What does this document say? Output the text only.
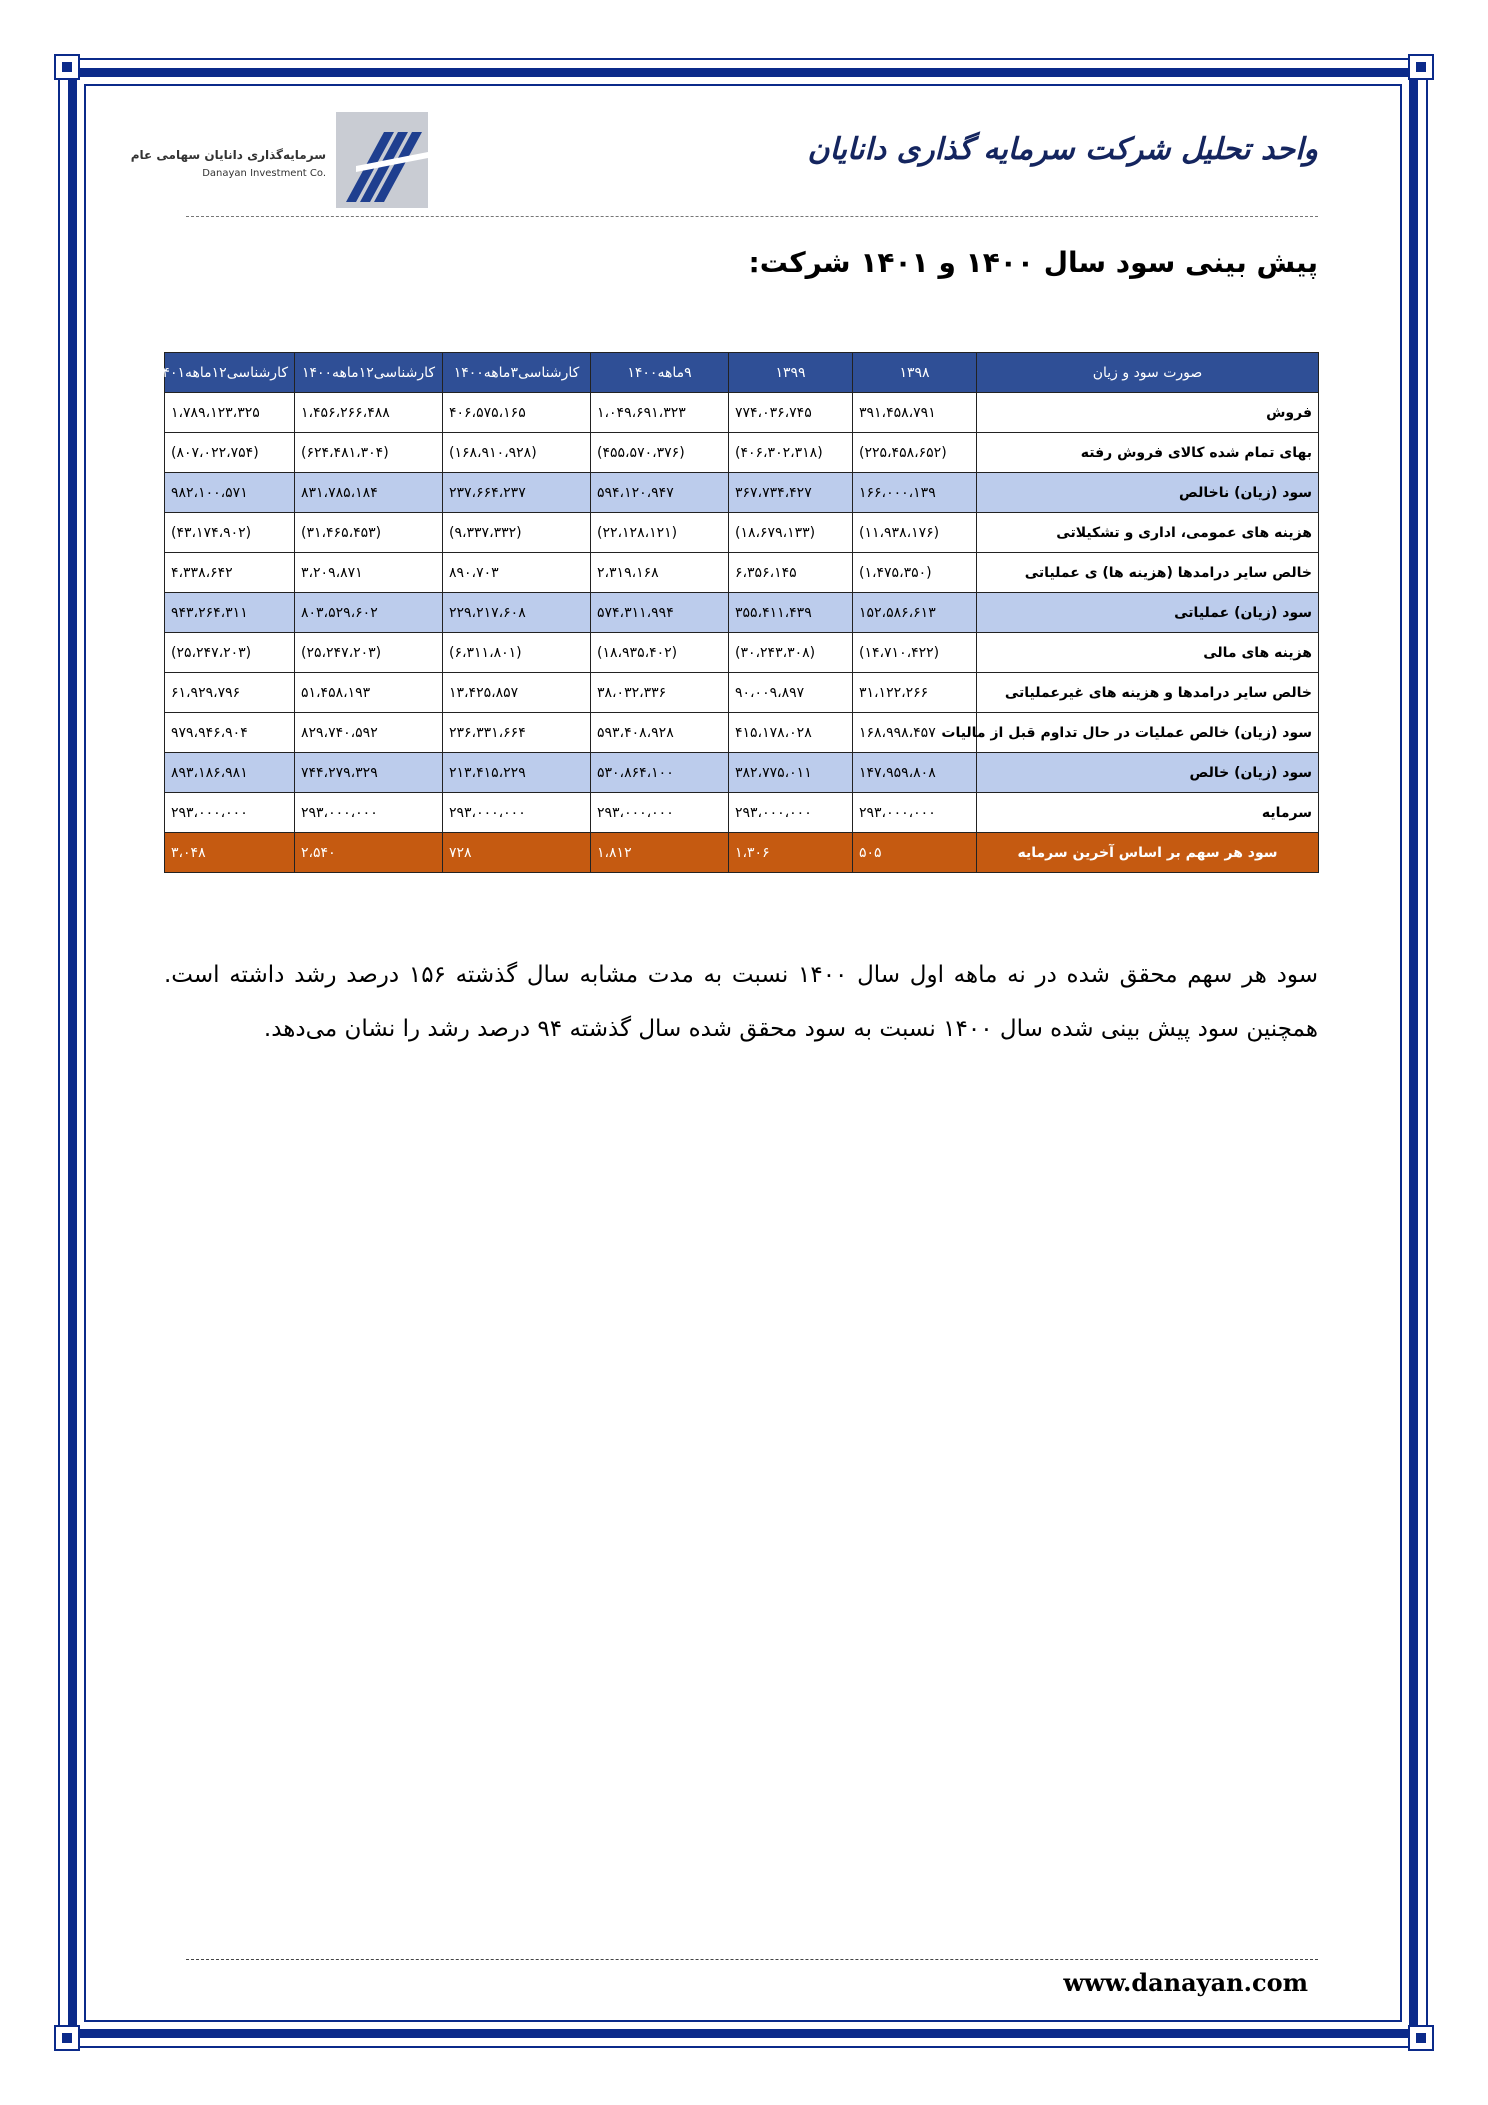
سرمایه‌گذاری دانایان سهامی عام
Danayan Investment Co.
واحد تحلیل شرکت سرمایه گذاری دانایان
پیش بینی سود سال ۱۴۰۰ و ۱۴۰۱ شرکت:
صورت سود و زیان	۱۳۹۸	۱۳۹۹	۹ماهه۱۴۰۰	کارشناسی۳ماهه۱۴۰۰	کارشناسی۱۲ماهه۱۴۰۰	کارشناسی۱۲ماهه۱۴۰۱
فروش	۳۹۱،۴۵۸،۷۹۱	۷۷۴،۰۳۶،۷۴۵	۱،۰۴۹،۶۹۱،۳۲۳	۴۰۶،۵۷۵،۱۶۵	۱،۴۵۶،۲۶۶،۴۸۸	۱،۷۸۹،۱۲۳،۳۲۵
بهای تمام شده کالای فروش رفته	(۲۲۵،۴۵۸،۶۵۲)	(۴۰۶،۳۰۲،۳۱۸)	(۴۵۵،۵۷۰،۳۷۶)	(۱۶۸،۹۱۰،۹۲۸)	(۶۲۴،۴۸۱،۳۰۴)	(۸۰۷،۰۲۲،۷۵۴)
سود (زیان) ناخالص	۱۶۶،۰۰۰،۱۳۹	۳۶۷،۷۳۴،۴۲۷	۵۹۴،۱۲۰،۹۴۷	۲۳۷،۶۶۴،۲۳۷	۸۳۱،۷۸۵،۱۸۴	۹۸۲،۱۰۰،۵۷۱
هزینه های عمومی، اداری و تشکیلاتی	(۱۱،۹۳۸،۱۷۶)	(۱۸،۶۷۹،۱۳۳)	(۲۲،۱۲۸،۱۲۱)	(۹،۳۳۷،۳۳۲)	(۳۱،۴۶۵،۴۵۳)	(۴۳،۱۷۴،۹۰۲)
خالص سایر درامدها (هزینه ها) ی عملیاتی	(۱،۴۷۵،۳۵۰)	۶،۳۵۶،۱۴۵	۲،۳۱۹،۱۶۸	۸۹۰،۷۰۳	۳،۲۰۹،۸۷۱	۴،۳۳۸،۶۴۲
سود (زیان) عملیاتی	۱۵۲،۵۸۶،۶۱۳	۳۵۵،۴۱۱،۴۳۹	۵۷۴،۳۱۱،۹۹۴	۲۲۹،۲۱۷،۶۰۸	۸۰۳،۵۲۹،۶۰۲	۹۴۳،۲۶۴،۳۱۱
هزینه های مالی	(۱۴،۷۱۰،۴۲۲)	(۳۰،۲۴۳،۳۰۸)	(۱۸،۹۳۵،۴۰۲)	(۶،۳۱۱،۸۰۱)	(۲۵،۲۴۷،۲۰۳)	(۲۵،۲۴۷،۲۰۳)
خالص سایر درامدها و هزینه های غیرعملیاتی	۳۱،۱۲۲،۲۶۶	۹۰،۰۰۹،۸۹۷	۳۸،۰۳۲،۳۳۶	۱۳،۴۲۵،۸۵۷	۵۱،۴۵۸،۱۹۳	۶۱،۹۲۹،۷۹۶
سود (زیان) خالص عملیات در حال تداوم قبل از مالیات	۱۶۸،۹۹۸،۴۵۷	۴۱۵،۱۷۸،۰۲۸	۵۹۳،۴۰۸،۹۲۸	۲۳۶،۳۳۱،۶۶۴	۸۲۹،۷۴۰،۵۹۲	۹۷۹،۹۴۶،۹۰۴
سود (زیان) خالص	۱۴۷،۹۵۹،۸۰۸	۳۸۲،۷۷۵،۰۱۱	۵۳۰،۸۶۴،۱۰۰	۲۱۳،۴۱۵،۲۲۹	۷۴۴،۲۷۹،۳۲۹	۸۹۳،۱۸۶،۹۸۱
سرمایه	۲۹۳،۰۰۰،۰۰۰	۲۹۳،۰۰۰،۰۰۰	۲۹۳،۰۰۰،۰۰۰	۲۹۳،۰۰۰،۰۰۰	۲۹۳،۰۰۰،۰۰۰	۲۹۳،۰۰۰،۰۰۰
سود هر سهم بر اساس آخرین سرمایه	۵۰۵	۱،۳۰۶	۱،۸۱۲	۷۲۸	۲،۵۴۰	۳،۰۴۸
سود هر سهم محقق شده در نه ماهه اول سال ۱۴۰۰ نسبت به مدت مشابه سال گذشته ۱۵۶ درصد رشد داشته است. همچنین سود پیش بینی شده سال ۱۴۰۰ نسبت به سود محقق شده سال گذشته ۹۴ درصد رشد را نشان می‌دهد.
www.danayan.com
